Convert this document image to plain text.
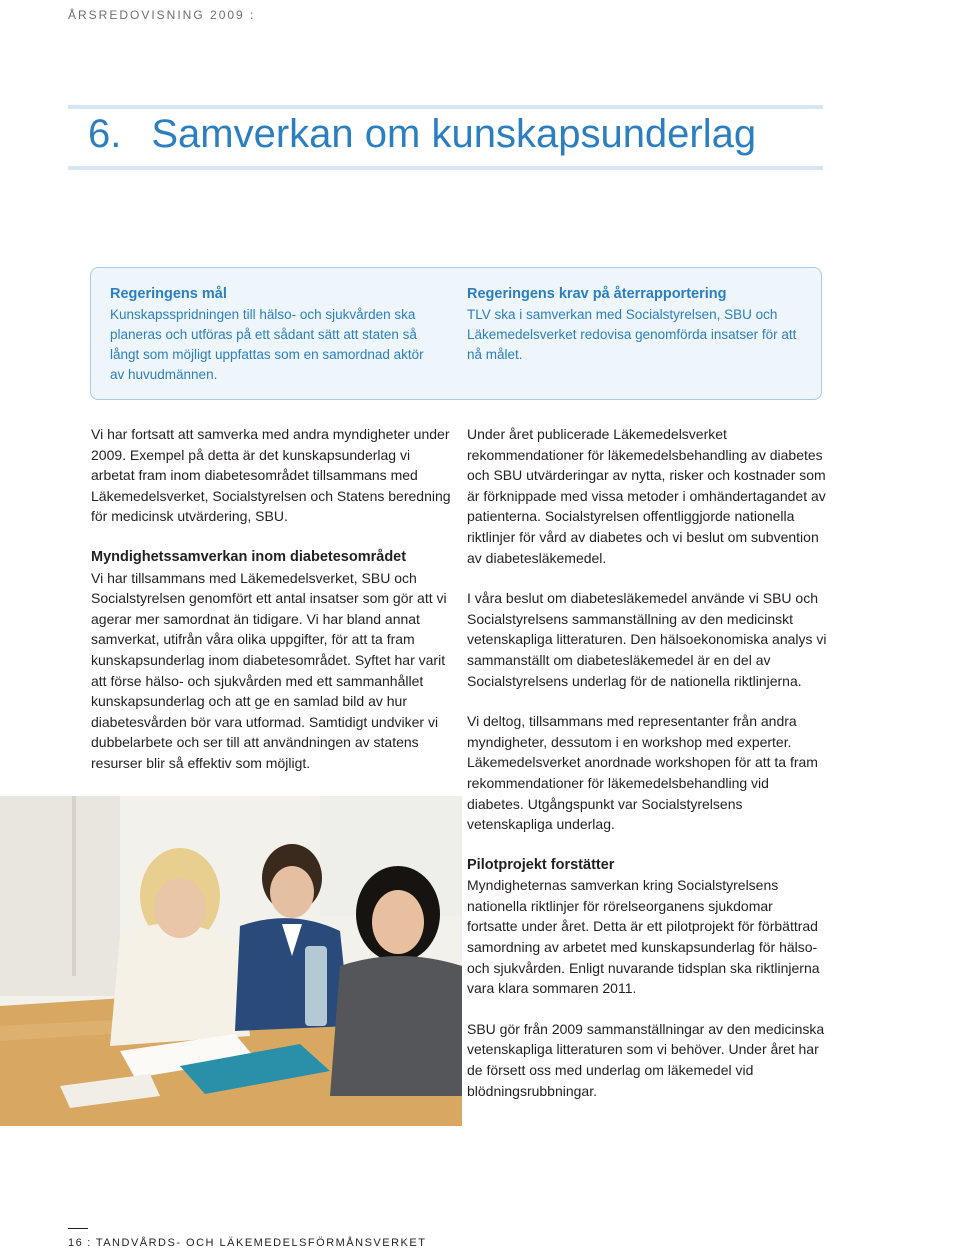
ÅRSREDOVISNING 2009 :
6. Samverkan om kunskapsunderlag
Regeringens mål

Kunskapsspridningen till hälso- och sjukvården ska planeras och utföras på ett sådant sätt att staten så långt som möjligt uppfattas som en samordnad aktör av huvudmännen.

Regeringens krav på återrapportering

TLV ska i samverkan med Socialstyrelsen, SBU och Läkemedelsverket redovisa genomförda insatser för att nå målet.

Vi har fortsatt att samverka med andra myndigheter under 2009. Exempel på detta är det kunskapsunderlag vi arbetat fram inom diabetesområdet tillsammans med Läkemedelsverket, Socialstyrelsen och Statens beredning för medicinsk utvärdering, SBU.

Myndighetssamverkan inom diabetesområdet

Vi har tillsammans med Läkemedelsverket, SBU och Socialstyrelsen genomfört ett antal insatser som gör att vi agerar mer samordnat än tidigare. Vi har bland annat samverkat, utifrån våra olika uppgifter, för att ta fram kunskapsunderlag inom diabetesområdet. Syftet har varit att förse hälso- och sjukvården med ett sammanhållet kunskapsunderlag och att ge en samlad bild av hur diabetesvården bör vara utformad. Samtidigt undviker vi dubbelarbete och ser till att användningen av statens resurser blir så effektiv som möjligt.

Under året publicerade Läkemedelsverket rekommendationer för läkemedelsbehandling av diabetes och SBU utvärderingar av nytta, risker och kostnader som är förknippade med vissa metoder i omhändertagandet av patienterna. Socialstyrelsen offentliggjorde nationella riktlinjer för vård av diabetes och vi beslut om subvention av diabetesläkemedel.

I våra beslut om diabetesläkemedel använde vi SBU och Socialstyrelsens sammanställning av den medicinskt vetenskapliga litteraturen. Den hälsoekonomiska analys vi sammanställt om diabetesläkemedel är en del av Socialstyrelsens underlag för de nationella riktlinjerna.

Vi deltog, tillsammans med representanter från andra myndigheter, dessutom i en workshop med experter. Läkemedelsverket anordnade workshopen för att ta fram rekommendationer för läkemedelsbehandling vid diabetes. Utgångspunkt var Socialstyrelsens vetenskapliga underlag.

Pilotprojekt forstätter

Myndigheternas samverkan kring Socialstyrelsens nationella riktlinjer för rörelseorganens sjukdomar fortsatte under året. Detta är ett pilotprojekt för förbättrad samordning av arbetet med kunskapsunderlag för hälso- och sjukvården. Enligt nuvarande tidsplan ska riktlinjerna vara klara sommaren 2011.

SBU gör från 2009 sammanställningar av den medicinska vetenskapliga litteraturen som vi behöver. Under året har de försett oss med underlag om läkemedel vid blödningsrubbningar.

16 : TANDVÅRDS- OCH LÄKEMEDELSFÖRMÅNSVERKET
